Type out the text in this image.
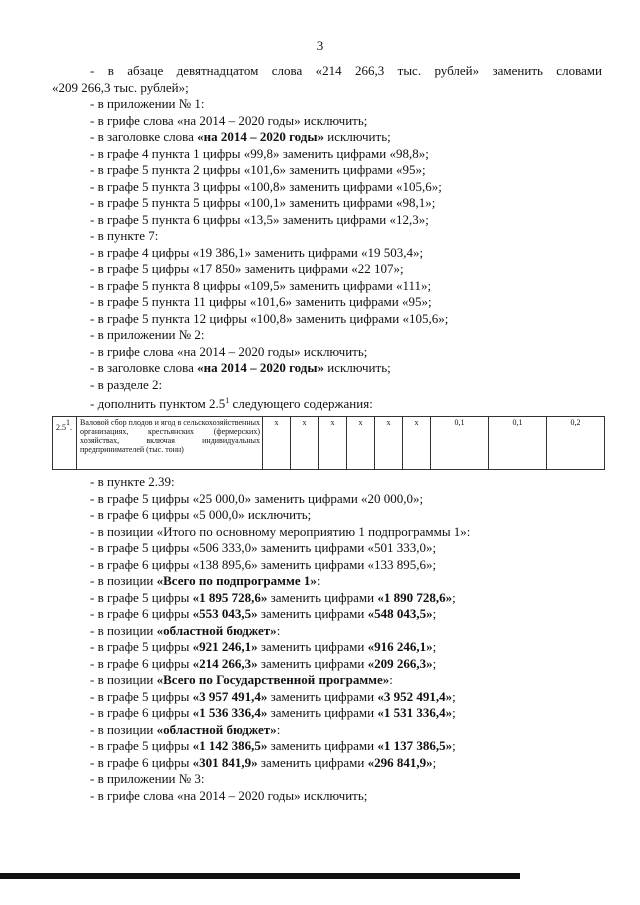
3
- в абзаце девятнадцатом слова «214 266,3 тыс. рублей» заменить словами
«209 266,3 тыс. рублей»;
- в приложении № 1:
- в грифе слова «на 2014 – 2020 годы» исключить;
- в заголовке слова «на 2014 – 2020 годы» исключить;
- в графе 4 пункта 1 цифры «99,8» заменить цифрами «98,8»;
- в графе 5 пункта 2 цифры «101,6» заменить цифрами «95»;
- в графе 5 пункта 3 цифры «100,8» заменить цифрами «105,6»;
- в графе 5 пункта 5 цифры «100,1» заменить цифрами «98,1»;
- в графе 5 пункта 6 цифры «13,5» заменить цифрами «12,3»;
- в пункте 7:
- в графе 4 цифры «19 386,1» заменить цифрами «19 503,4»;
- в графе 5 цифры «17 850» заменить цифрами «22 107»;
- в графе 5 пункта 8 цифры «109,5» заменить цифрами «111»;
- в графе 5 пункта 11 цифры «101,6» заменить цифрами «95»;
- в графе 5 пункта 12 цифры «100,8» заменить цифрами «105,6»;
- в приложении № 2:
- в грифе слова «на 2014 – 2020 годы» исключить;
- в заголовке слова «на 2014 – 2020 годы» исключить;
- в разделе 2:
- дополнить пунктом $2.5^1$ следующего содержания:
$2.5^1$.	Валовой сбор плодов и ягод в сельскохозяйственных организациях, крестьянских (фермерских) хозяйствах, включая индивидуальных предпринимателей (тыс. тонн)	x	x	x	x	x	x	0,1	0,1	0,2
- в пункте 2.39:
- в графе 5 цифры «25 000,0» заменить цифрами «20 000,0»;
- в графе 6 цифры «5 000,0» исключить;
- в позиции «Итого по основному мероприятию 1 подпрограммы 1»:
- в графе 5 цифры «506 333,0» заменить цифрами «501 333,0»;
- в графе 6 цифры «138 895,6» заменить цифрами «133 895,6»;
- в позиции «Всего по подпрограмме 1»:
- в графе 5 цифры «1 895 728,6» заменить цифрами «1 890 728,6»;
- в графе 6 цифры «553 043,5» заменить цифрами «548 043,5»;
- в позиции «областной бюджет»:
- в графе 5 цифры «921 246,1» заменить цифрами «916 246,1»;
- в графе 6 цифры «214 266,3» заменить цифрами «209 266,3»;
- в позиции «Всего по Государственной программе»:
- в графе 5 цифры «3 957 491,4» заменить цифрами «3 952 491,4»;
- в графе 6 цифры «1 536 336,4» заменить цифрами «1 531 336,4»;
- в позиции «областной бюджет»:
- в графе 5 цифры «1 142 386,5» заменить цифрами «1 137 386,5»;
- в графе 6 цифры «301 841,9» заменить цифрами «296 841,9»;
- в приложении № 3:
- в грифе слова «на 2014 – 2020 годы» исключить;
